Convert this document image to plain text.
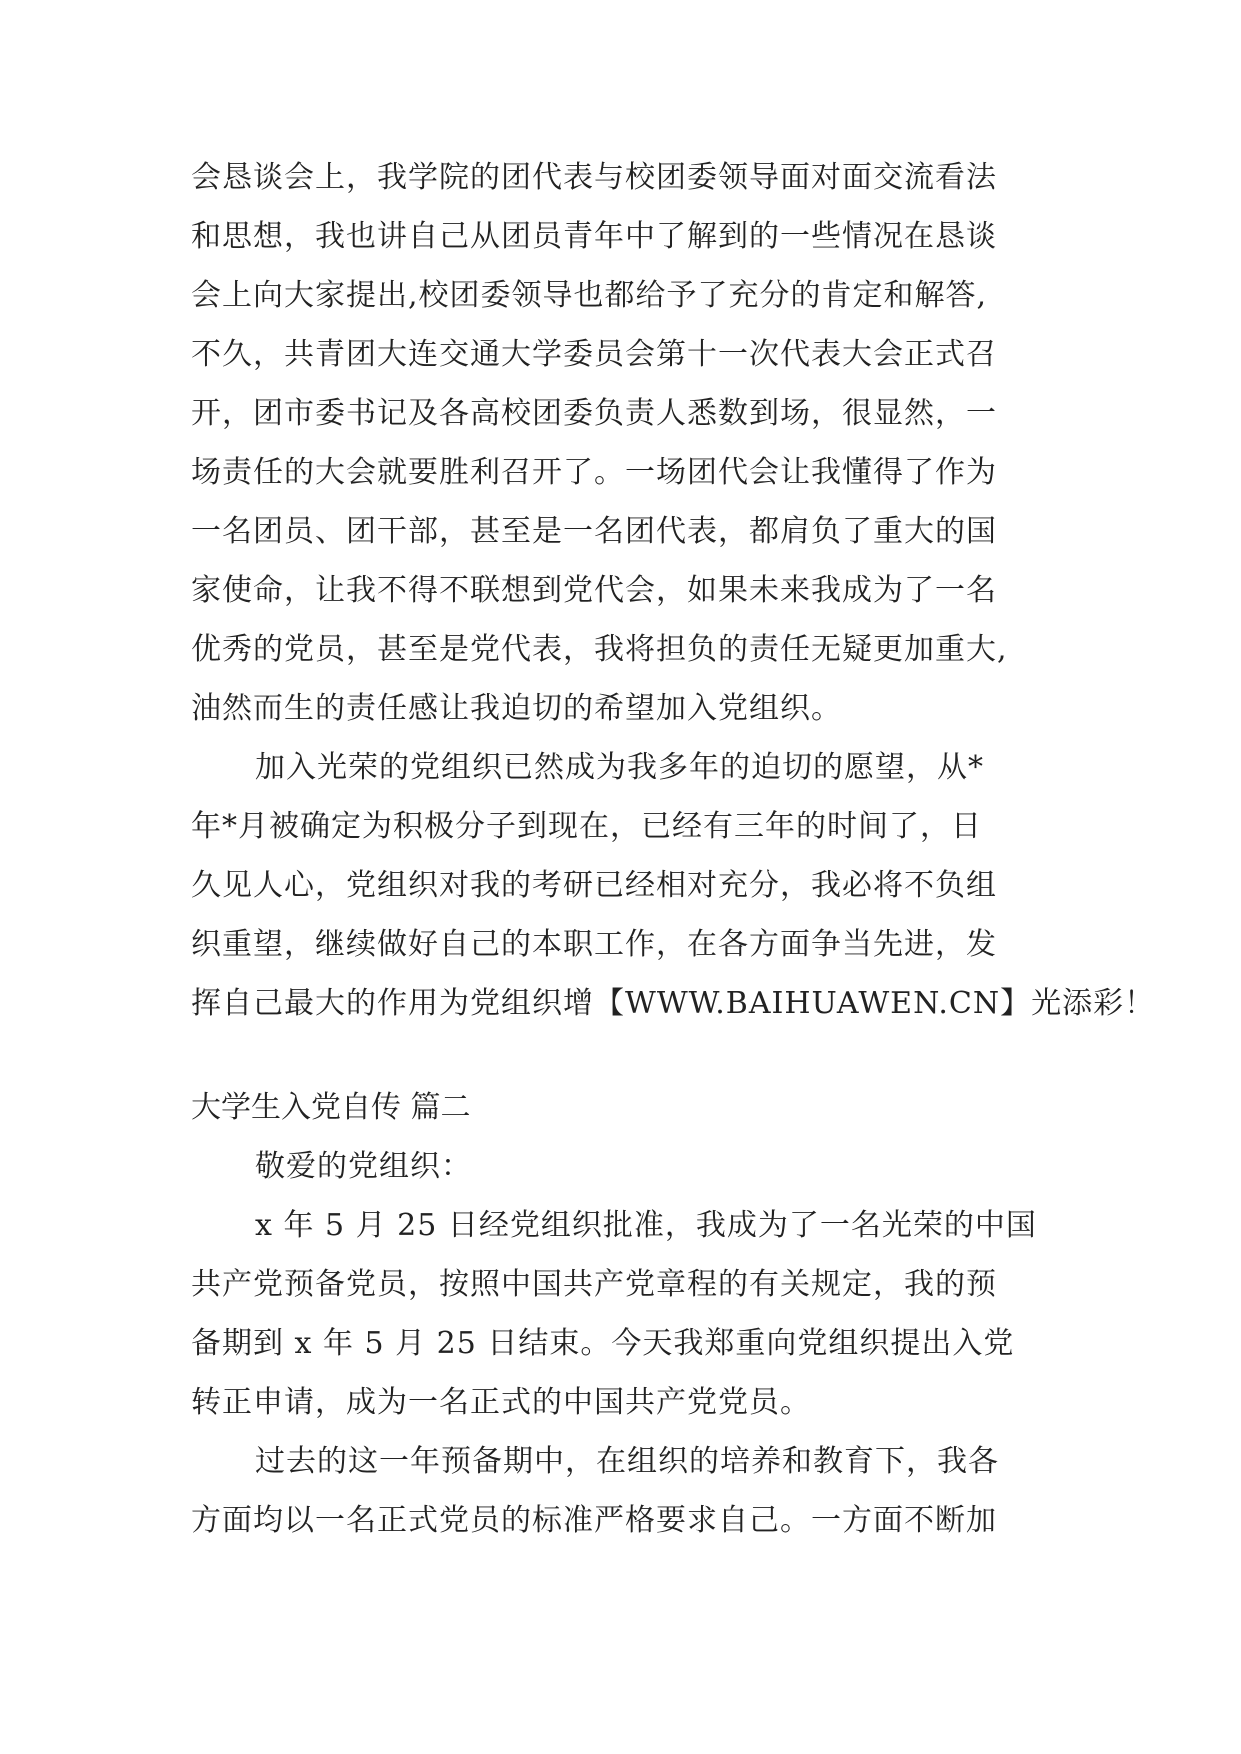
会恳谈会上，我学院的团代表与校团委领导面对面交流看法
和思想，我也讲自己从团员青年中了解到的一些情况在恳谈
会上向大家提出,校团委领导也都给予了充分的肯定和解答,
不久，共青团大连交通大学委员会第十一次代表大会正式召
开，团市委书记及各高校团委负责人悉数到场，很显然，一
场责任的大会就要胜利召开了。一场团代会让我懂得了作为
一名团员、团干部，甚至是一名团代表，都肩负了重大的国
家使命，让我不得不联想到党代会，如果未来我成为了一名
优秀的党员，甚至是党代表，我将担负的责任无疑更加重大,
油然而生的责任感让我迫切的希望加入党组织。
加入光荣的党组织已然成为我多年的迫切的愿望，从*
年*月被确定为积极分子到现在，已经有三年的时间了，日
久见人心，党组织对我的考研已经相对充分，我必将不负组
织重望，继续做好自己的本职工作，在各方面争当先进，发
挥自己最大的作用为党组织增【WWW.BAIHUAWEN.CN】光添彩！
大学生入党自传 篇二
敬爱的党组织：
x 年 5 月 25 日经党组织批准，我成为了一名光荣的中国
共产党预备党员，按照中国共产党章程的有关规定，我的预
备期到 x 年 5 月 25 日结束。今天我郑重向党组织提出入党
转正申请，成为一名正式的中国共产党党员。
过去的这一年预备期中，在组织的培养和教育下，我各
方面均以一名正式党员的标准严格要求自己。一方面不断加
